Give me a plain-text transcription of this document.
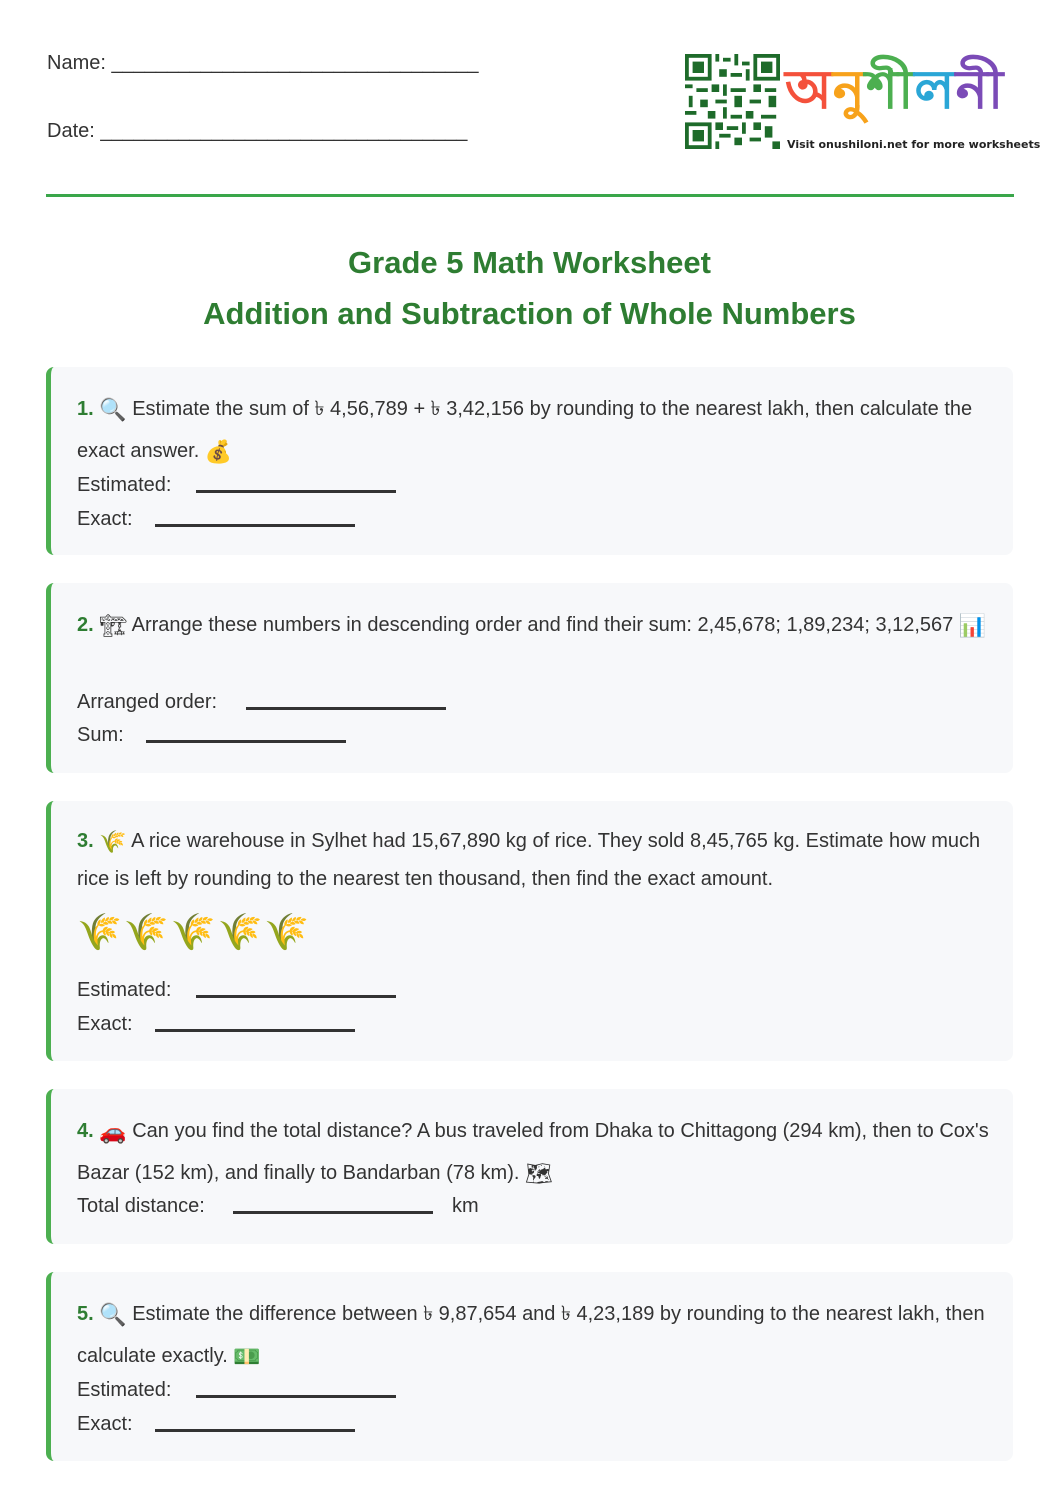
Name: _________________________________
Date: _________________________________
অনুশীলনী
Visit onushiloni.net for more worksheets
Grade 5 Math Worksheet
Addition and Subtraction of Whole Numbers
1. 🔍 Estimate the sum of ৳ 4,56,789 + ৳ 3,42,156 by rounding to the nearest lakh, then calculate the exact answer. 💰
Estimated:
Exact:
2. 🏗 Arrange these numbers in descending order and find their sum: 2,45,678; 1,89,234; 3,12,567 📊
Arranged order:
Sum:
3. 🌾 A rice warehouse in Sylhet had 15,67,890 kg of rice. They sold 8,45,765 kg. Estimate how much rice is left by rounding to the nearest ten thousand, then find the exact amount.
🌾🌾🌾🌾🌾
Estimated:
Exact:
4. 🚗 Can you find the total distance? A bus traveled from Dhaka to Chittagong (294 km), then to Cox's Bazar (152 km), and finally to Bandarban (78 km). 🗺
Total distance:	km
5. 🔍 Estimate the difference between ৳ 9,87,654 and ৳ 4,23,189 by rounding to the nearest lakh, then calculate exactly. 💵
Estimated:
Exact:
